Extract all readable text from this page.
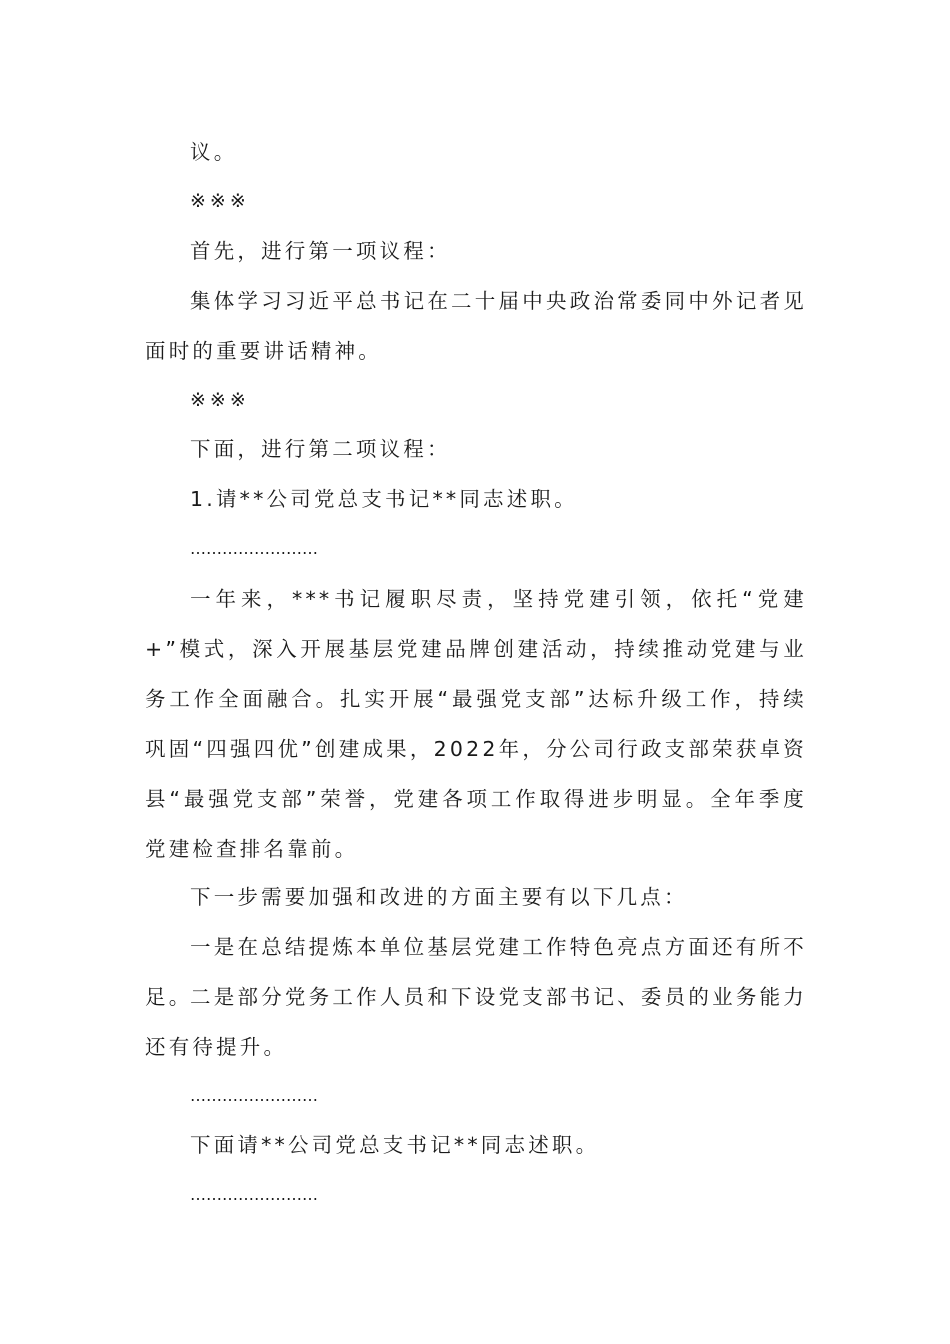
议。

※※※

首先，进行第一项议程：

集体学习习近平总书记在二十届中央政治常委同中外记者见面时的重要讲话精神。

※※※

下面，进行第二项议程：

1.请**公司党总支书记**同志述职。

……………………

一年来，***书记履职尽责，坚持党建引领，依托“党建+”模式，深入开展基层党建品牌创建活动，持续推动党建与业务工作全面融合。扎实开展“最强党支部”达标升级工作，持续巩固“四强四优”创建成果，2022年，分公司行政支部荣获卓资县“最强党支部”荣誉，党建各项工作取得进步明显。全年季度党建检查排名靠前。

下一步需要加强和改进的方面主要有以下几点：

一是在总结提炼本单位基层党建工作特色亮点方面还有所不足。

二是部分党务工作人员和下设党支部书记、委员的业务能力还有待提升。

……………………

下面请**公司党总支书记**同志述职。

……………………
